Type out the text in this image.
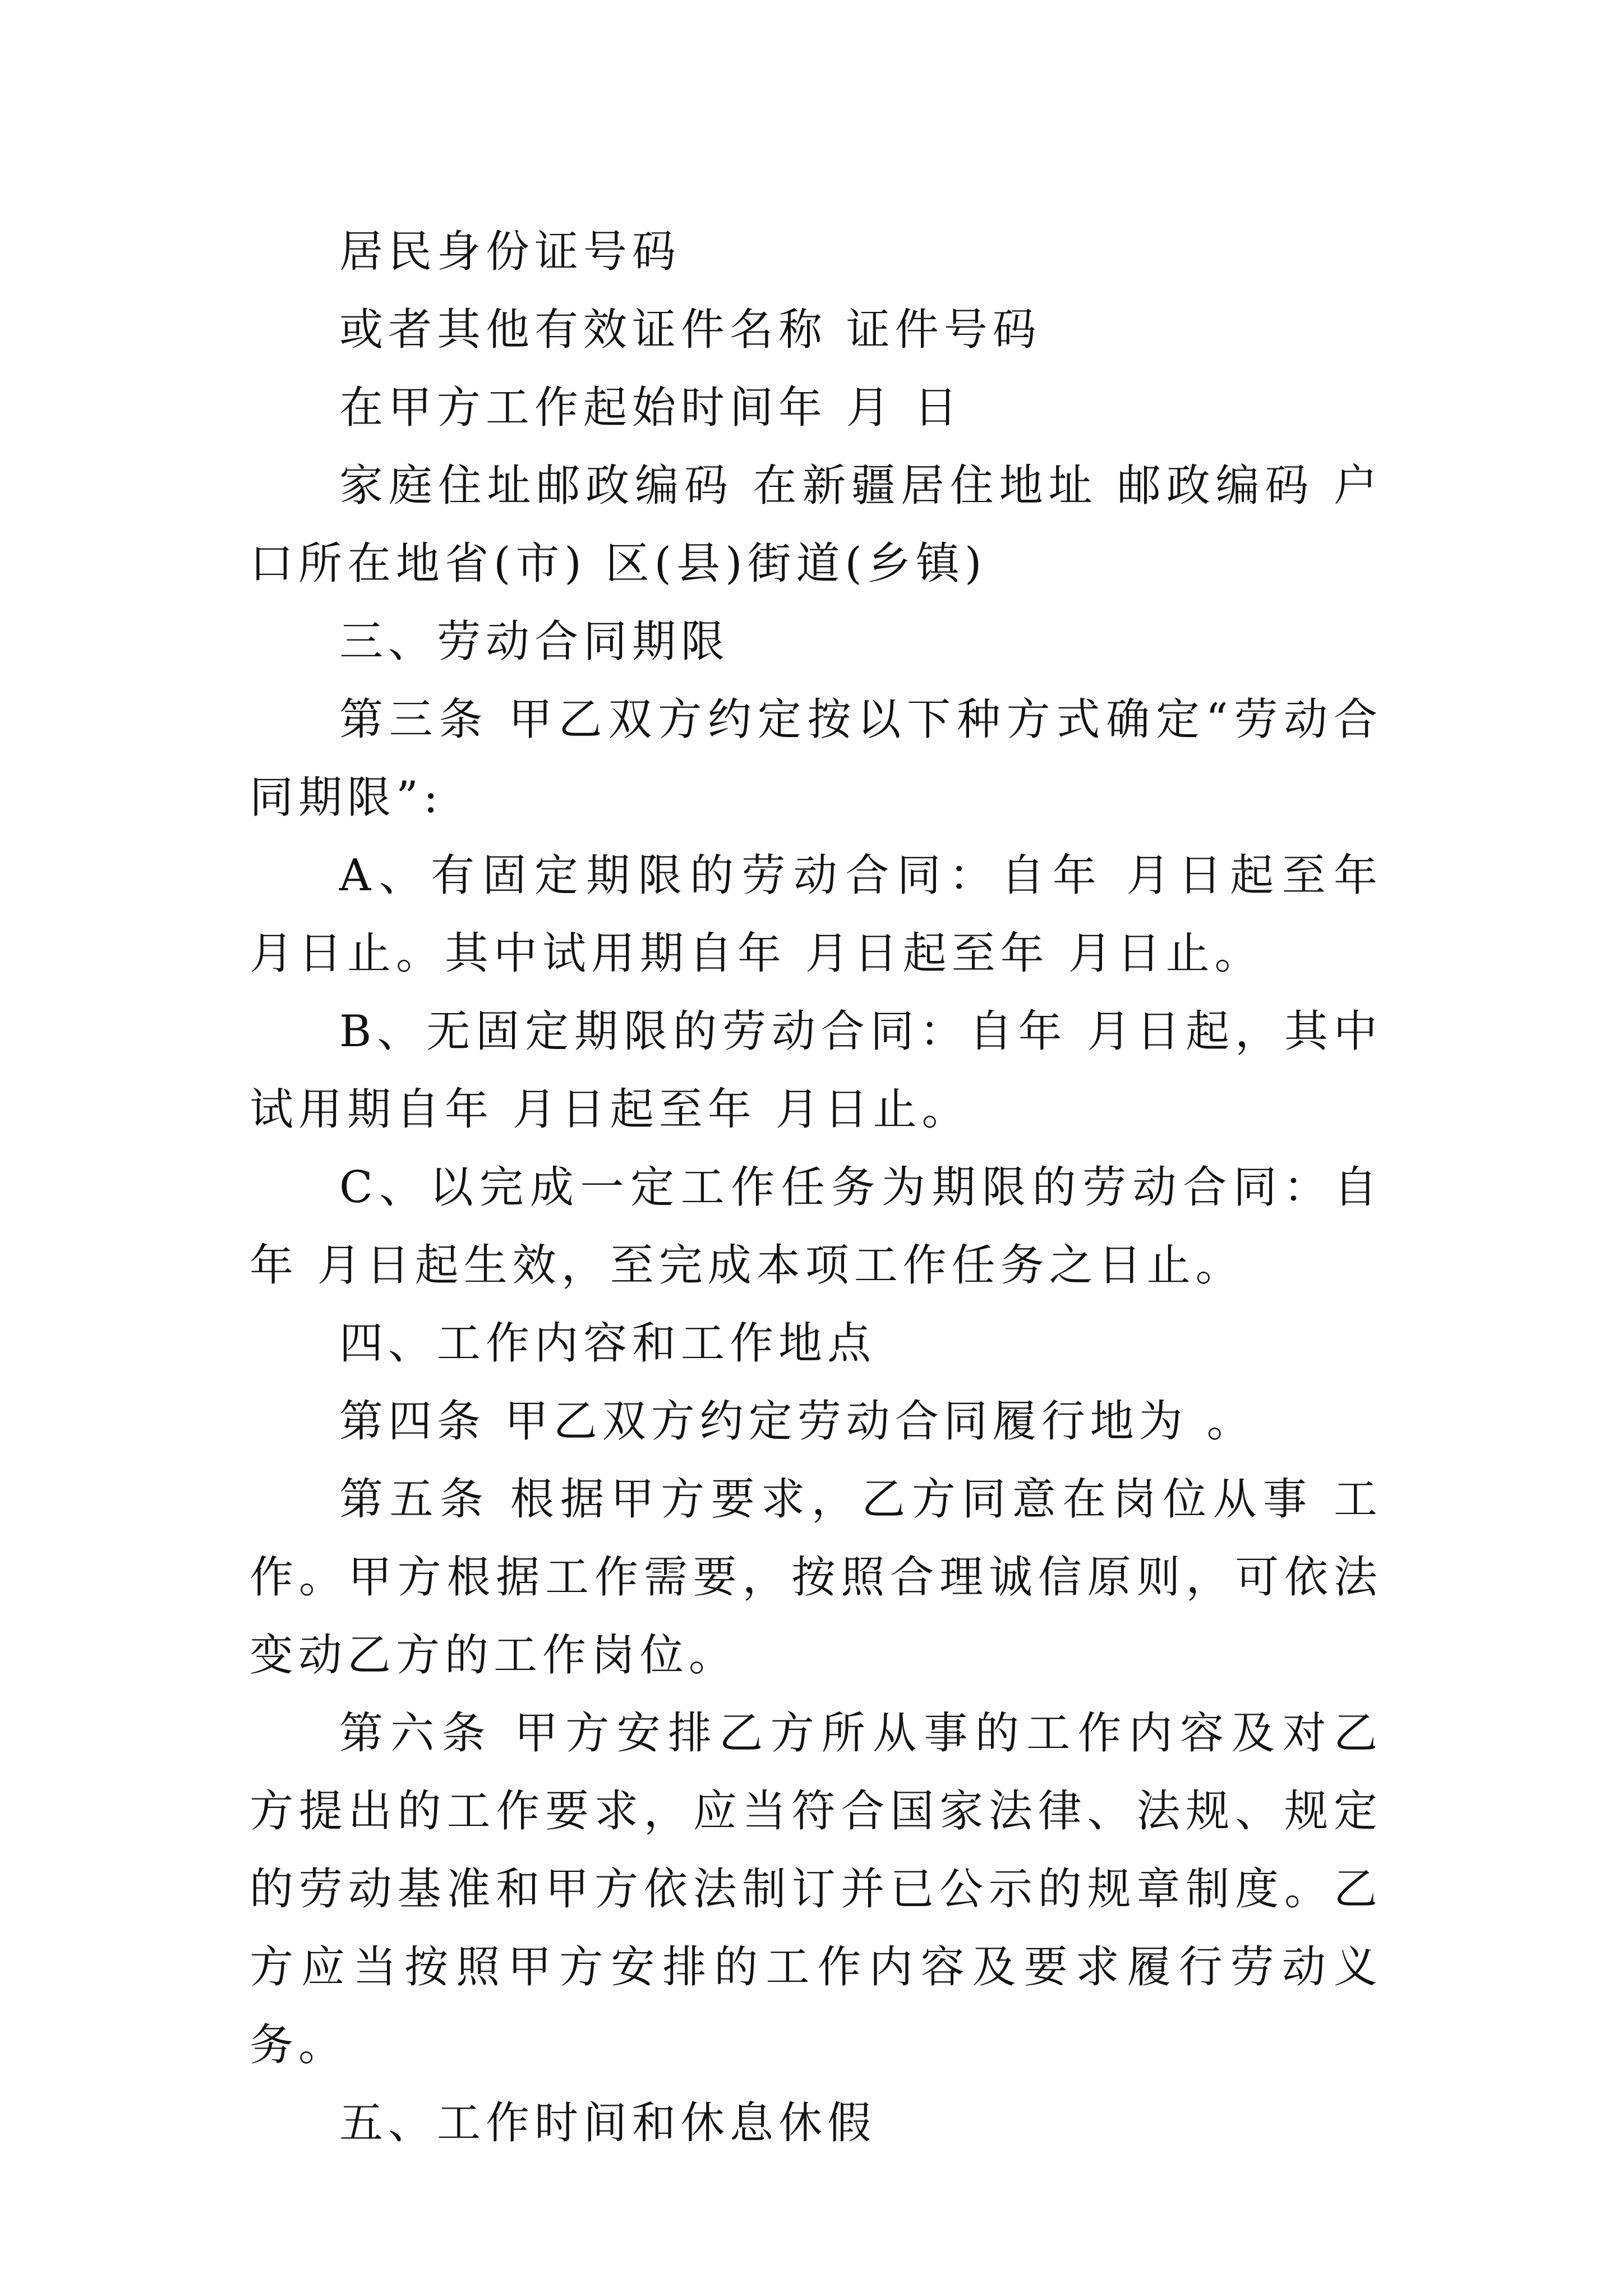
居民身份证号码

或者其他有效证件名称 证件号码

在甲方工作起始时间年 月 日

家庭住址邮政编码 在新疆居住地址 邮政编码 户口所在地省(市) 区(县)街道(乡镇)

三、劳动合同期限

第三条 甲乙双方约定按以下种方式确定“劳动合同期限”:

A、有固定期限的劳动合同：自年 月日起至年 月日止。其中试用期自年 月日起至年 月日止。

B、无固定期限的劳动合同：自年 月日起，其中试用期自年 月日起至年 月日止。

C、以完成一定工作任务为期限的劳动合同：自年 月日起生效，至完成本项工作任务之日止。

四、工作内容和工作地点

第四条 甲乙双方约定劳动合同履行地为 。

第五条 根据甲方要求，乙方同意在岗位从事 工作。甲方根据工作需要，按照合理诚信原则，可依法变动乙方的工作岗位。

第六条 甲方安排乙方所从事的工作内容及对乙方提出的工作要求，应当符合国家法律、法规、规定的劳动基准和甲方依法制订并已公示的规章制度。乙方应当按照甲方安排的工作内容及要求履行劳动义务。

五、工作时间和休息休假
